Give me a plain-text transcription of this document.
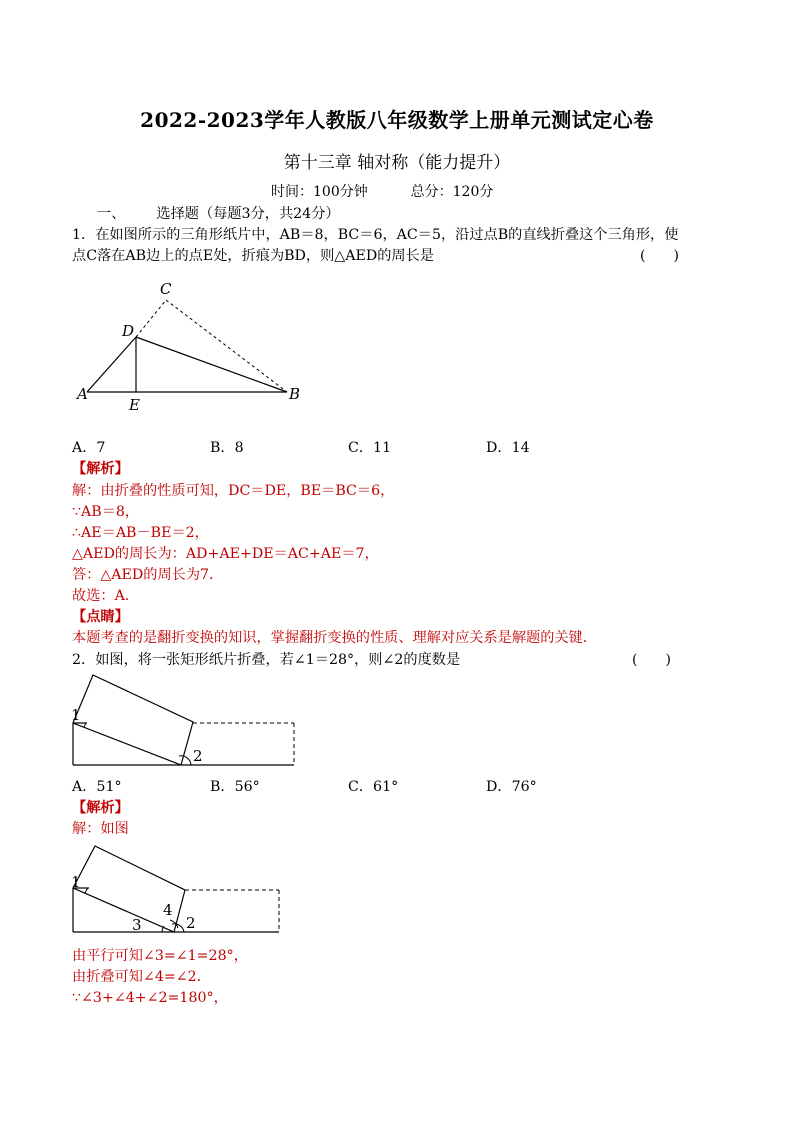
2022-2023学年人教版八年级数学上册单元测试定心卷
第十三章 轴对称（能力提升）
时间：100分钟	总分：120分
一、 选择题（每题3分，共24分）
1．在如图所示的三角形纸片中，AB＝8，BC＝6，AC＝5，沿过点B的直线折叠这个三角形，使
点C落在AB边上的点E处，折痕为BD，则△AED的周长是	(　　)
A	B
C
D
E
A．7	B．8	C．11	D．14
【解析】
解：由折叠的性质可知，DC＝DE，BE＝BC＝6，
∵AB＝8，
∴AE＝AB－BE＝2，
△AED的周长为：AD+AE+DE＝AC+AE＝7，
答：△AED的周长为7．
故选：A．
【点睛】
本题考查的是翻折变换的知识，掌握翻折变换的性质、理解对应关系是解题的关键．
2．如图，将一张矩形纸片折叠，若∠1＝28°，则∠2的度数是	(　　)
1
2
A．51°	B．56°	C．61°	D．76°
【解析】
解：如图
1
3
4
2
由平行可知∠3=∠1=28°，
由折叠可知∠4=∠2．
∵∠3+∠4+∠2=180°，
